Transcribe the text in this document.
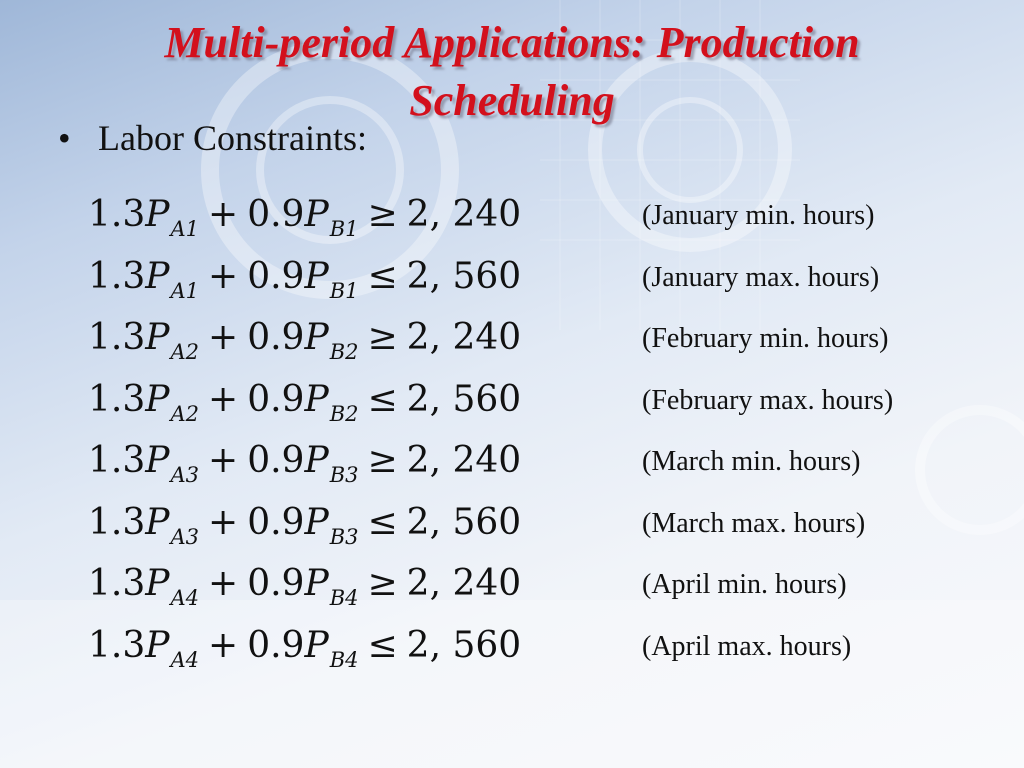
Multi-period Applications: Production Scheduling
• Labor Constraints:
$1.3P_{A1} + 0.9P_{B1} \ge 2$, 240	(January min. hours)
$1.3P_{A1} + 0.9P_{B1} \le 2$, 560	(January max. hours)
$1.3P_{A2} + 0.9P_{B2} \ge 2$, 240	(February min. hours)
$1.3P_{A2} + 0.9P_{B2} \le 2$, 560	(February max. hours)
$1.3P_{A3} + 0.9P_{B3} \ge 2$, 240	(March min. hours)
$1.3P_{A3} + 0.9P_{B3} \le 2$, 560	(March max. hours)
$1.3P_{A4} + 0.9P_{B4} \ge 2$, 240	(April min. hours)
$1.3P_{A4} + 0.9P_{B4} \le 2$, 560	(April max. hours)
